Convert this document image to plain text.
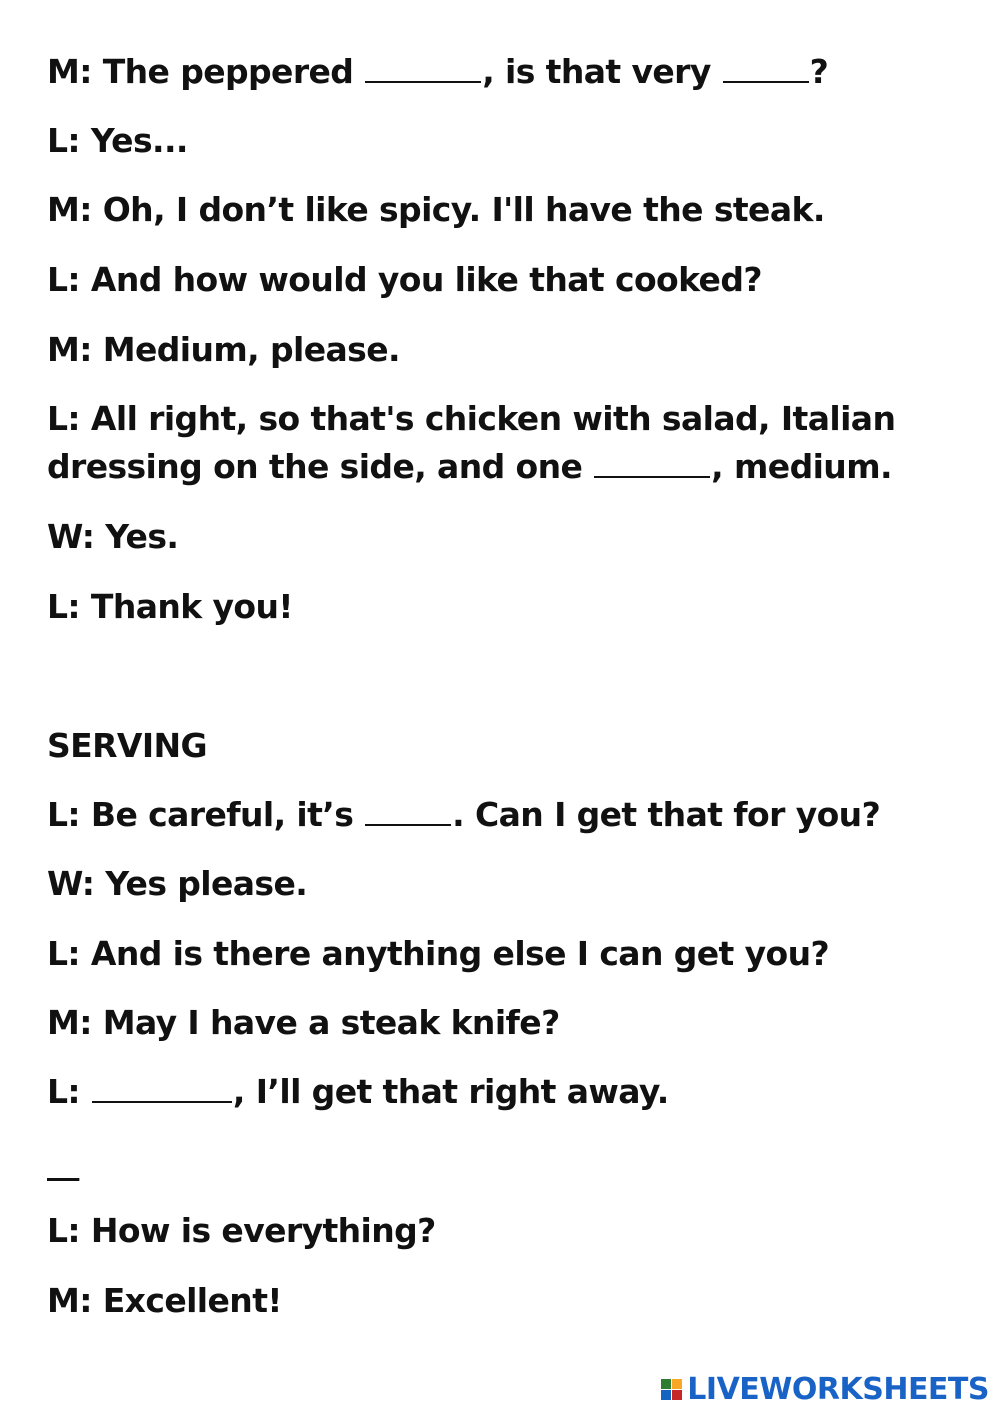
M: The peppered	, is that very	?

L: Yes...

M: Oh, I don’t like spicy. I'll have the steak.

L: And how would you like that cooked?

M: Medium, please.

L: All right, so that's chicken with salad, Italian dressing on the side, and one	, medium.

W: Yes.

L: Thank you!

SERVING

L: Be careful, it’s	. Can I get that for you?

W: Yes please.

L: And is there anything else I can get you?

M: May I have a steak knife?

L:	, I’ll get that right away.

__

L: How is everything?

M: Excellent!

LIVEWORKSHEETS
